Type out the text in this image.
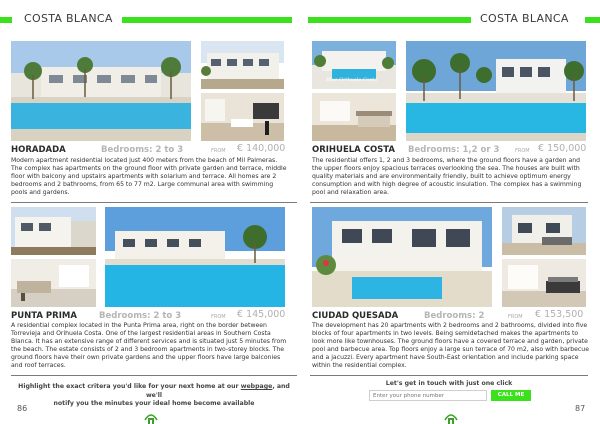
COSTA BLANCA	COSTA BLANCA
HORADADA	Bedrooms: 2 to 3	FROM € 140,000
Modern apartment residential located just 400 meters from the beach of Mil Palmeras. The complex has apartments on the ground floor with private garden and terrace, middle floor with balcony and upstairs apartments with solarium and terrace. All homes are 2 bedrooms and 2 bathrooms, from 65 to 77 m2. Large communal area with swimming pools and gardens.
Blue Orihuela Costa
ORIHUELA COSTA Bedrooms: 1,2 or 3	FROM € 150,000
The residential offers 1, 2 and 3 bedrooms, where the ground floors have a garden and the upper floors enjoy spacious terraces overlooking the sea. The houses are built with quality materials and are environmentally friendly, built to achieve optimum energy consumption and with high degree of acoustic insulation. The complex has a swimming pool and relaxation area.
PUNTA PRIMA	Bedrooms: 2 to 3	FROM € 145,000
A residential complex located in the Punta Prima area, right on the border between Torrevieja and Orihuela Costa. One of the largest residential areas in Southern Costa Blanca. It has an extensive range of different services and is situated just 5 minutes from the beach. The estate consists of 2 and 3 bedroom apartments in two-storey blocks. The ground floors have their own private gardens and the upper floors have large balconies and roof terraces.
CIUDAD QUESADA	Bedrooms: 2	FROM € 153,500
The development has 20 apartments with 2 bedrooms and 2 bathrooms, divided into five blocks of four apartments in two levels. Being semidetached makes the apartments to look more like townhouses. The ground floors have a covered terrace and garden, private pool and barbecue area. Top floors enjoy a large sun terrace of 70 m2, also with barbecue and a jacuzzi. Every apartment have South-East orientation and include parking space within the residential complex.
Highlight the exact critera you'd like for your next home at our webpage, and we'll
notify you the minutes your ideal home become available
Let's get in touch with just one click
Enter your phone number
CALL ME
86	87
